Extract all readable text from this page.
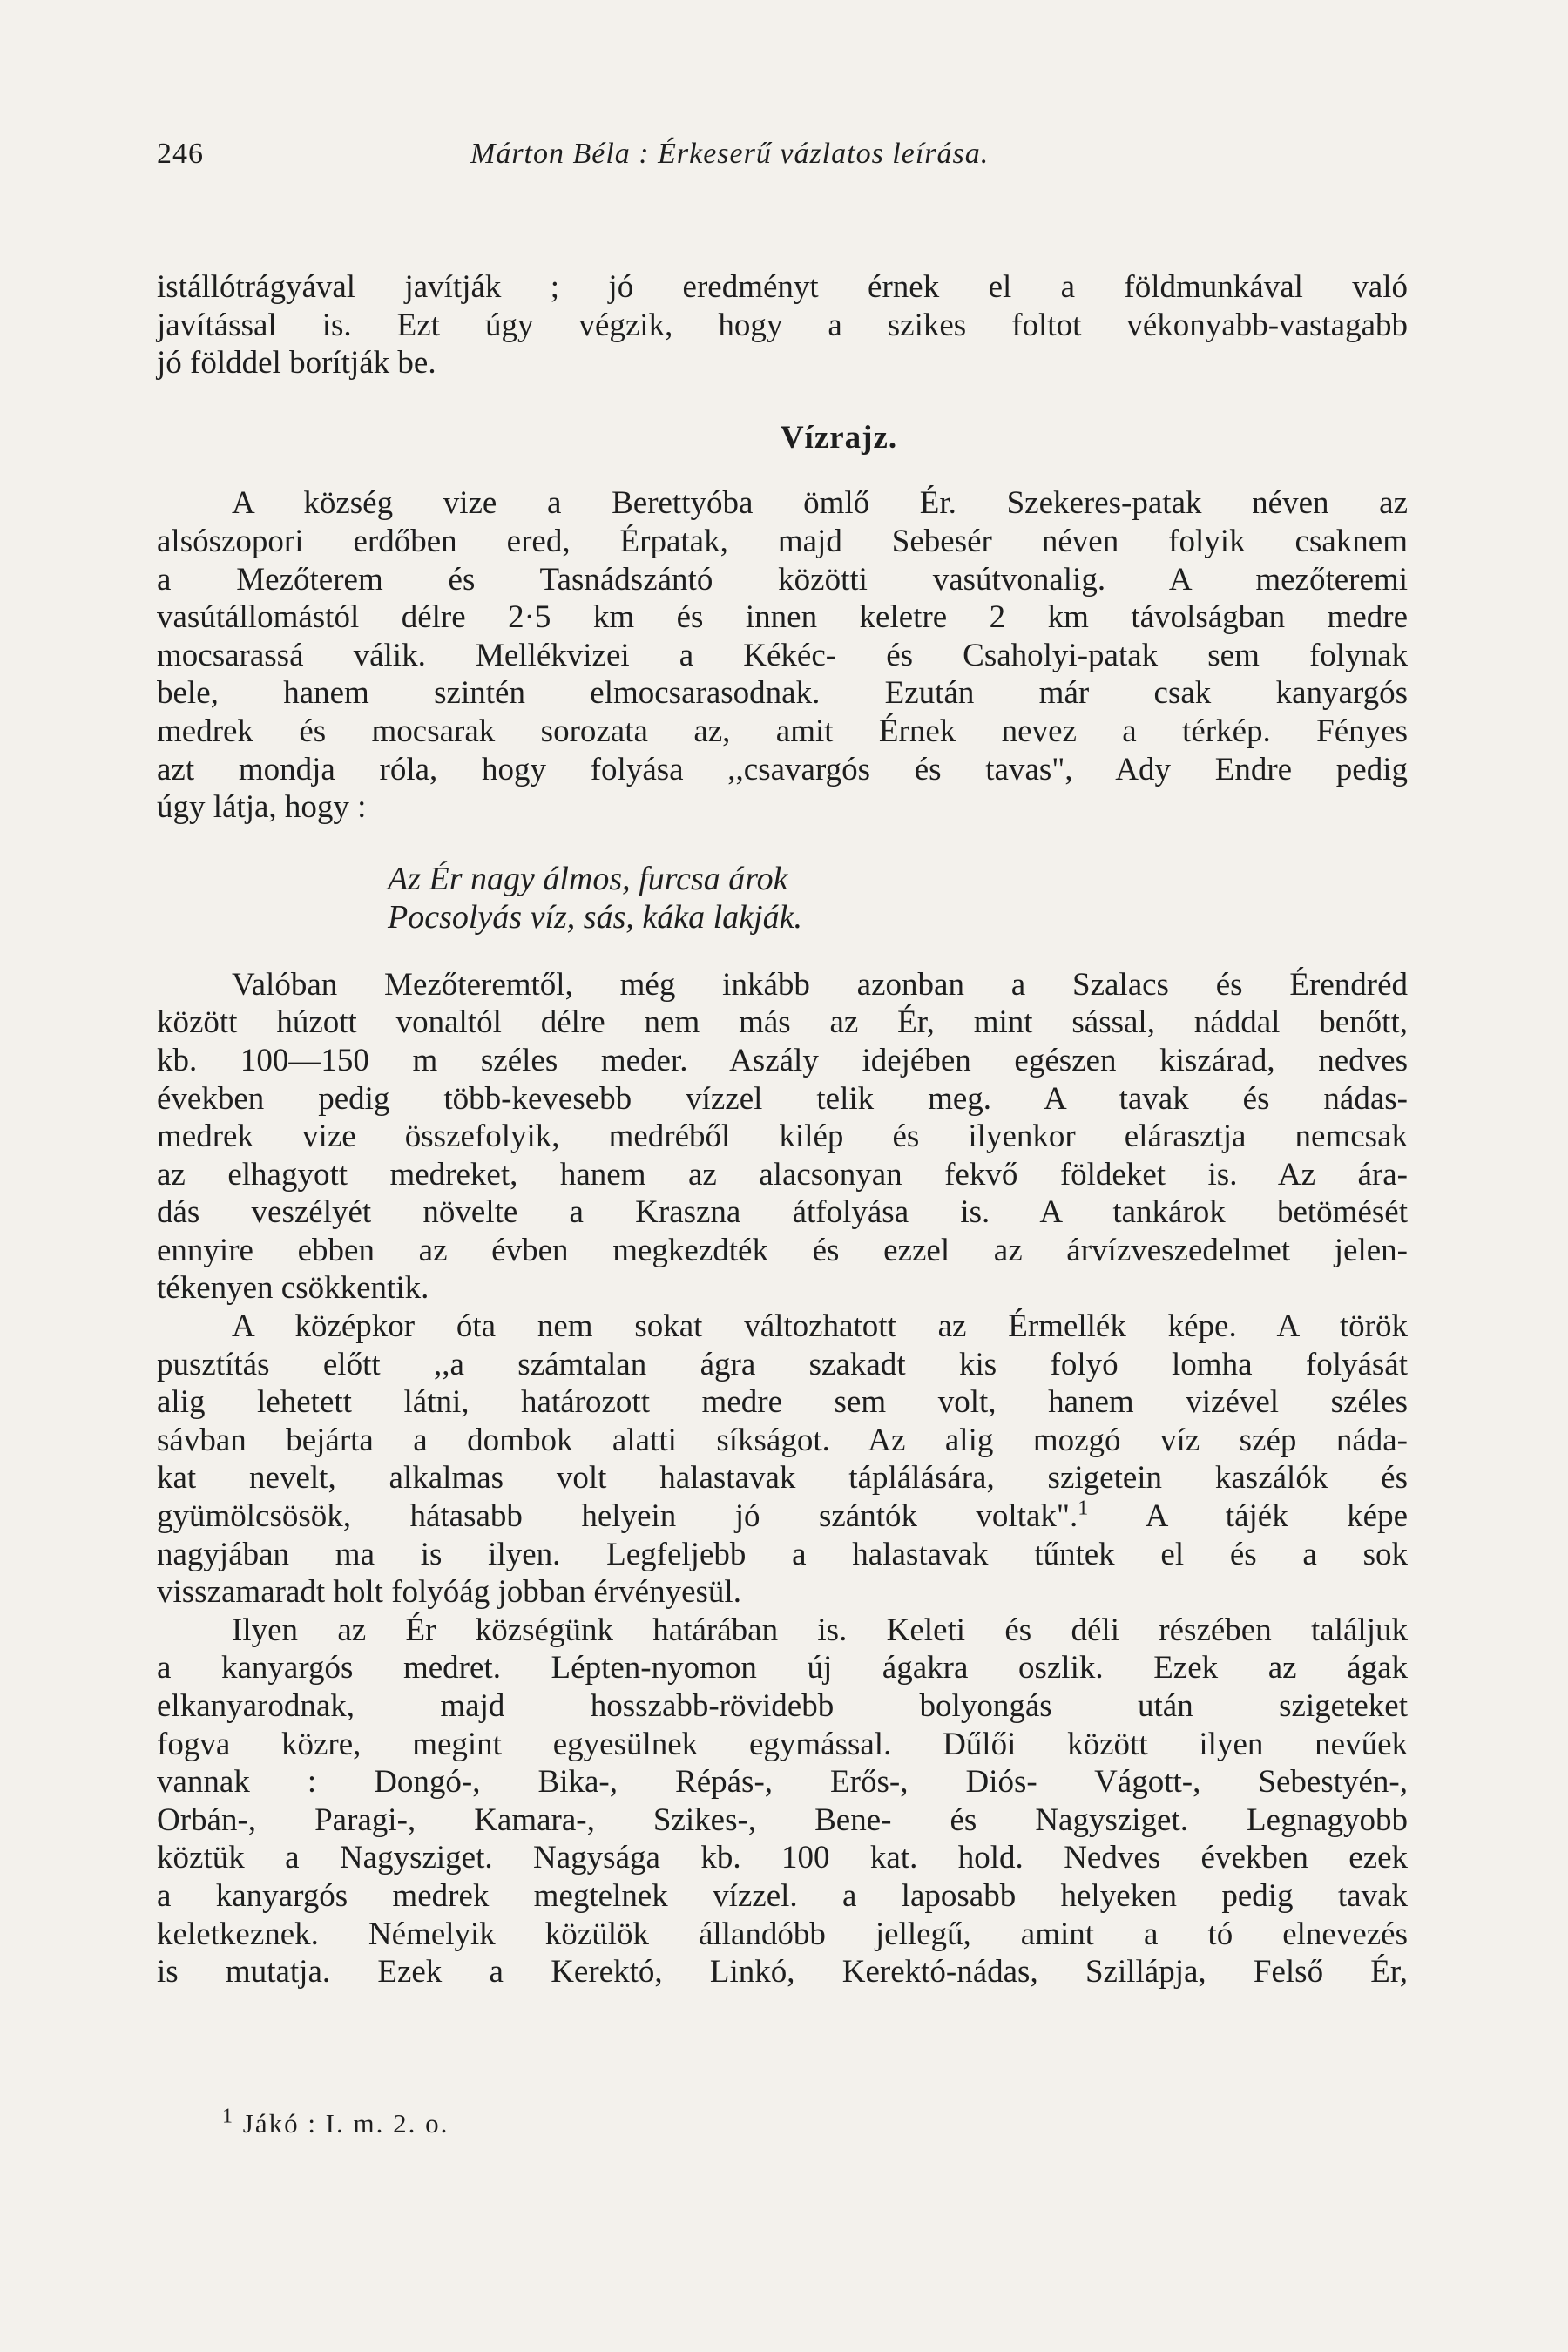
246	Márton Béla : Érkeserű vázlatos leírása.

istállótrágyával javítják ; jó eredményt érnek el a földmunkával való

javítással is. Ezt úgy végzik, hogy a szikes foltot vékonyabb-vastagabb

jó földdel borítják be.

Vízrajz.

A község vize a Berettyóba ömlő Ér. Szekeres-patak néven az

alsószopori erdőben ered, Érpatak, majd Sebesér néven folyik csaknem

a Mezőterem és Tasnádszántó közötti vasútvonalig. A mezőteremi

vasútállomástól délre 2·5 km és innen keletre 2 km távolságban medre

mocsarassá válik. Mellékvizei a Kékéc- és Csaholyi-patak sem folynak

bele, hanem szintén elmocsarasodnak. Ezután már csak kanyargós

medrek és mocsarak sorozata az, amit Érnek nevez a térkép. Fényes

azt mondja róla, hogy folyása ,,csavargós és tavas", Ady Endre pedig

úgy látja, hogy :

Az Ér nagy álmos, furcsa árok
Pocsolyás víz, sás, káka lakják.

Valóban Mezőteremtől, még inkább azonban a Szalacs és Érendréd

között húzott vonaltól délre nem más az Ér, mint sással, náddal benőtt,

kb. 100—150 m széles meder. Aszály idejében egészen kiszárad, nedves

években pedig több-kevesebb vízzel telik meg. A tavak és nádas-

medrek vize összefolyik, medréből kilép és ilyenkor elárasztja nemcsak

az elhagyott medreket, hanem az alacsonyan fekvő földeket is. Az ára-

dás veszélyét növelte a Kraszna átfolyása is. A tankárok betömését

ennyire ebben az évben megkezdték és ezzel az árvízveszedelmet jelen-

tékenyen csökkentik.

A középkor óta nem sokat változhatott az Érmellék képe. A török

pusztítás előtt ,,a számtalan ágra szakadt kis folyó lomha folyását

alig lehetett látni, határozott medre sem volt, hanem vizével széles

sávban bejárta a dombok alatti síkságot. Az alig mozgó víz szép náda-

kat nevelt, alkalmas volt halastavak táplálására, szigetein kaszálók és

gyümölcsösök, hátasabb helyein jó szántók voltak".$^1$ A tájék képe

nagyjában ma is ilyen. Legfeljebb a halastavak tűntek el és a sok

visszamaradt holt folyóág jobban érvényesül.

Ilyen az Ér községünk határában is. Keleti és déli részében találjuk

a kanyargós medret. Lépten-nyomon új ágakra oszlik. Ezek az ágak

elkanyarodnak, majd hosszabb-rövidebb bolyongás után szigeteket

fogva közre, megint egyesülnek egymással. Dűlői között ilyen nevűek

vannak : Dongó-, Bika-, Répás-, Erős-, Diós- Vágott-, Sebestyén-,

Orbán-, Paragi-, Kamara-, Szikes-, Bene- és Nagysziget. Legnagyobb

köztük a Nagysziget. Nagysága kb. 100 kat. hold. Nedves években ezek

a kanyargós medrek megtelnek vízzel. a laposabb helyeken pedig tavak

keletkeznek. Némelyik közülök állandóbb jellegű, amint a tó elnevezés

is mutatja. Ezek a Kerektó, Linkó, Kerektó-nádas, Szillápja, Felső Ér,

$^1$ Jákó : I. m. 2. o.
